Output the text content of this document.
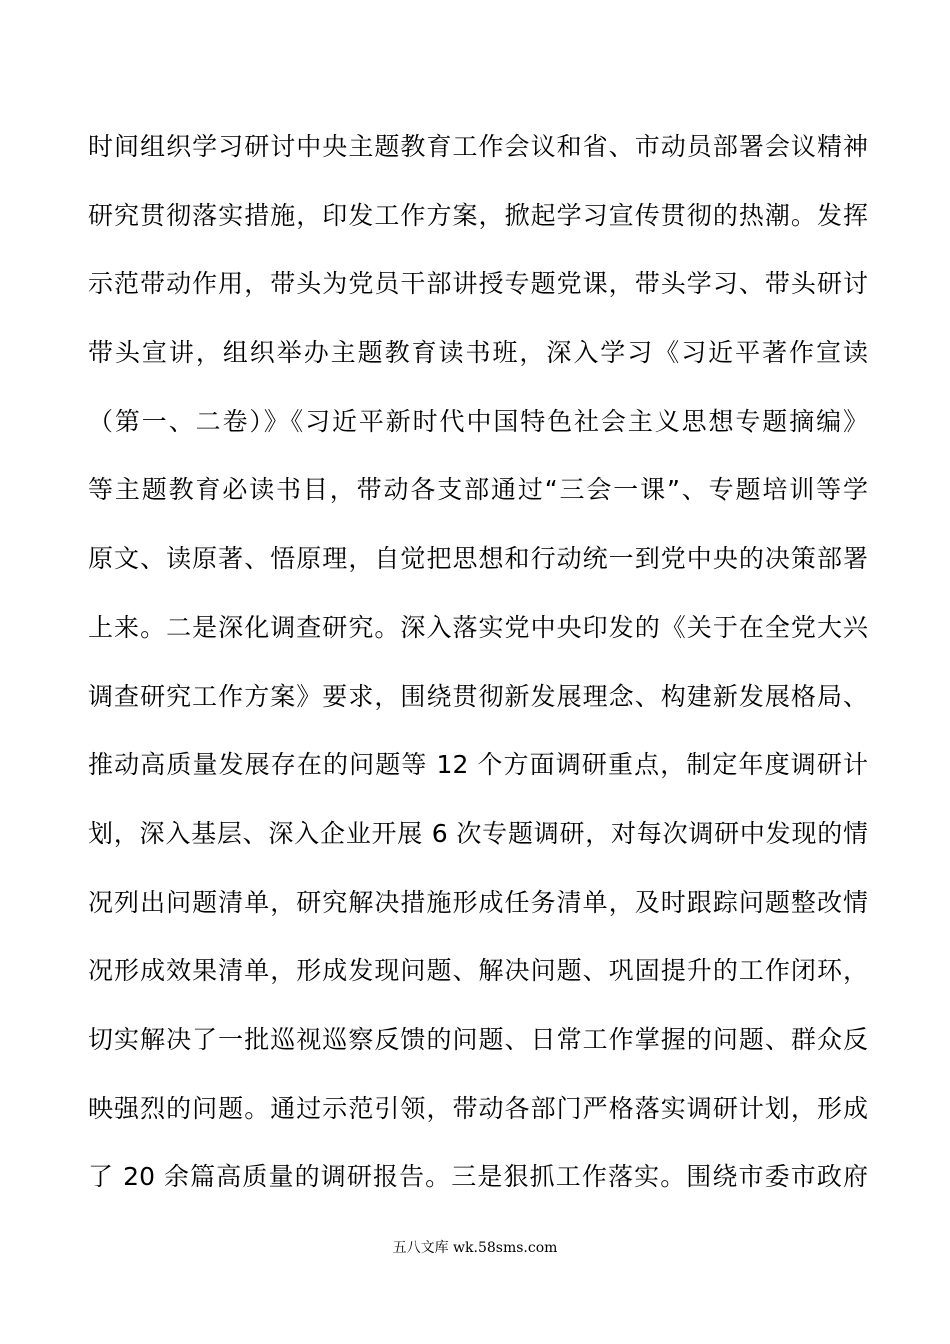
时间组织学习研讨中央主题教育工作会议和省、市动员部署会议精神
研究贯彻落实措施，印发工作方案，掀起学习宣传贯彻的热潮。发挥
示范带动作用，带头为党员干部讲授专题党课，带头学习、带头研讨
带头宣讲，组织举办主题教育读书班，深入学习《习近平著作宣读
（第一、二卷）》《习近平新时代中国特色社会主义思想专题摘编》
等主题教育必读书目，带动各支部通过“三会一课”、专题培训等学
原文、读原著、悟原理，自觉把思想和行动统一到党中央的决策部署
上来。二是深化调查研究。深入落实党中央印发的《关于在全党大兴
调查研究工作方案》要求，围绕贯彻新发展理念、构建新发展格局、
推动高质量发展存在的问题等 12 个方面调研重点，制定年度调研计
划，深入基层、深入企业开展 6 次专题调研，对每次调研中发现的情
况列出问题清单，研究解决措施形成任务清单，及时跟踪问题整改情
况形成效果清单，形成发现问题、解决问题、巩固提升的工作闭环，
切实解决了一批巡视巡察反馈的问题、日常工作掌握的问题、群众反
映强烈的问题。通过示范引领，带动各部门严格落实调研计划，形成
了 20 余篇高质量的调研报告。三是狠抓工作落实。围绕市委市政府
五八文库 wk.58sms.com
